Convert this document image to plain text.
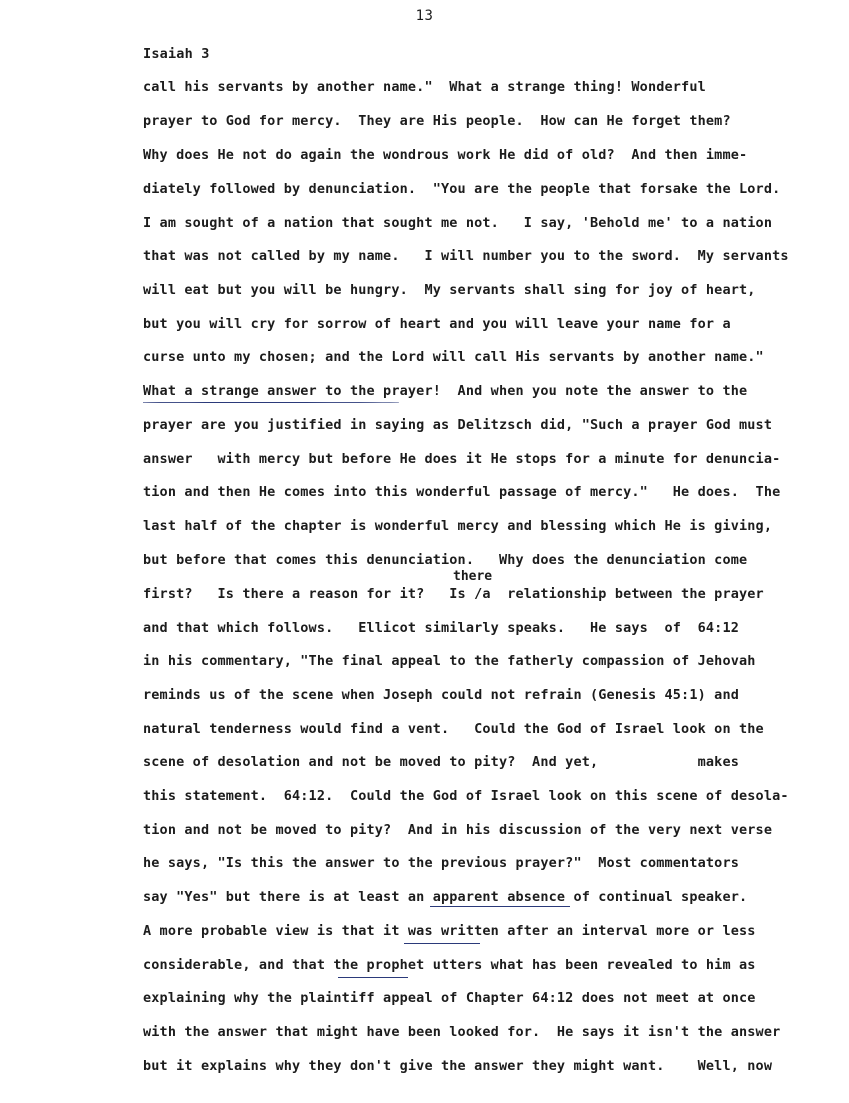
13
Isaiah 3
call his servants by another name."  What a strange thing! Wonderful
prayer to God for mercy.  They are His people.  How can He forget them?
Why does He not do again the wondrous work He did of old?  And then imme-
diately followed by denunciation.  "You are the people that forsake the Lord.
I am sought of a nation that sought me not.   I say, 'Behold me' to a nation
that was not called by my name.   I will number you to the sword.  My servants
will eat but you will be hungry.  My servants shall sing for joy of heart,
but you will cry for sorrow of heart and you will leave your name for a
curse unto my chosen; and the Lord will call His servants by another name."
What a strange answer to the prayer!  And when you note the answer to the
prayer are you justified in saying as Delitzsch did, "Such a prayer God must
answer   with mercy but before He does it He stops for a minute for denuncia-
tion and then He comes into this wonderful passage of mercy."   He does.  The
last half of the chapter is wonderful mercy and blessing which He is giving,
but before that comes this denunciation.   Why does the denunciation come
there
first?   Is there a reason for it?   Is /a  relationship between the prayer
and that which follows.   Ellicot similarly speaks.   He says  of  64:12
in his commentary, "The final appeal to the fatherly compassion of Jehovah
reminds us of the scene when Joseph could not refrain (Genesis 45:1) and
natural tenderness would find a vent.   Could the God of Israel look on the
scene of desolation and not be moved to pity?  And yet,            makes
this statement.  64:12.  Could the God of Israel look on this scene of desola-
tion and not be moved to pity?  And in his discussion of the very next verse
he says, "Is this the answer to the previous prayer?"  Most commentators
say "Yes" but there is at least an apparent absence of continual speaker.
A more probable view is that it was written after an interval more or less
considerable, and that the prophet utters what has been revealed to him as
explaining why the plaintiff appeal of Chapter 64:12 does not meet at once
with the answer that might have been looked for.  He says it isn't the answer
but it explains why they don't give the answer they might want.    Well, now
